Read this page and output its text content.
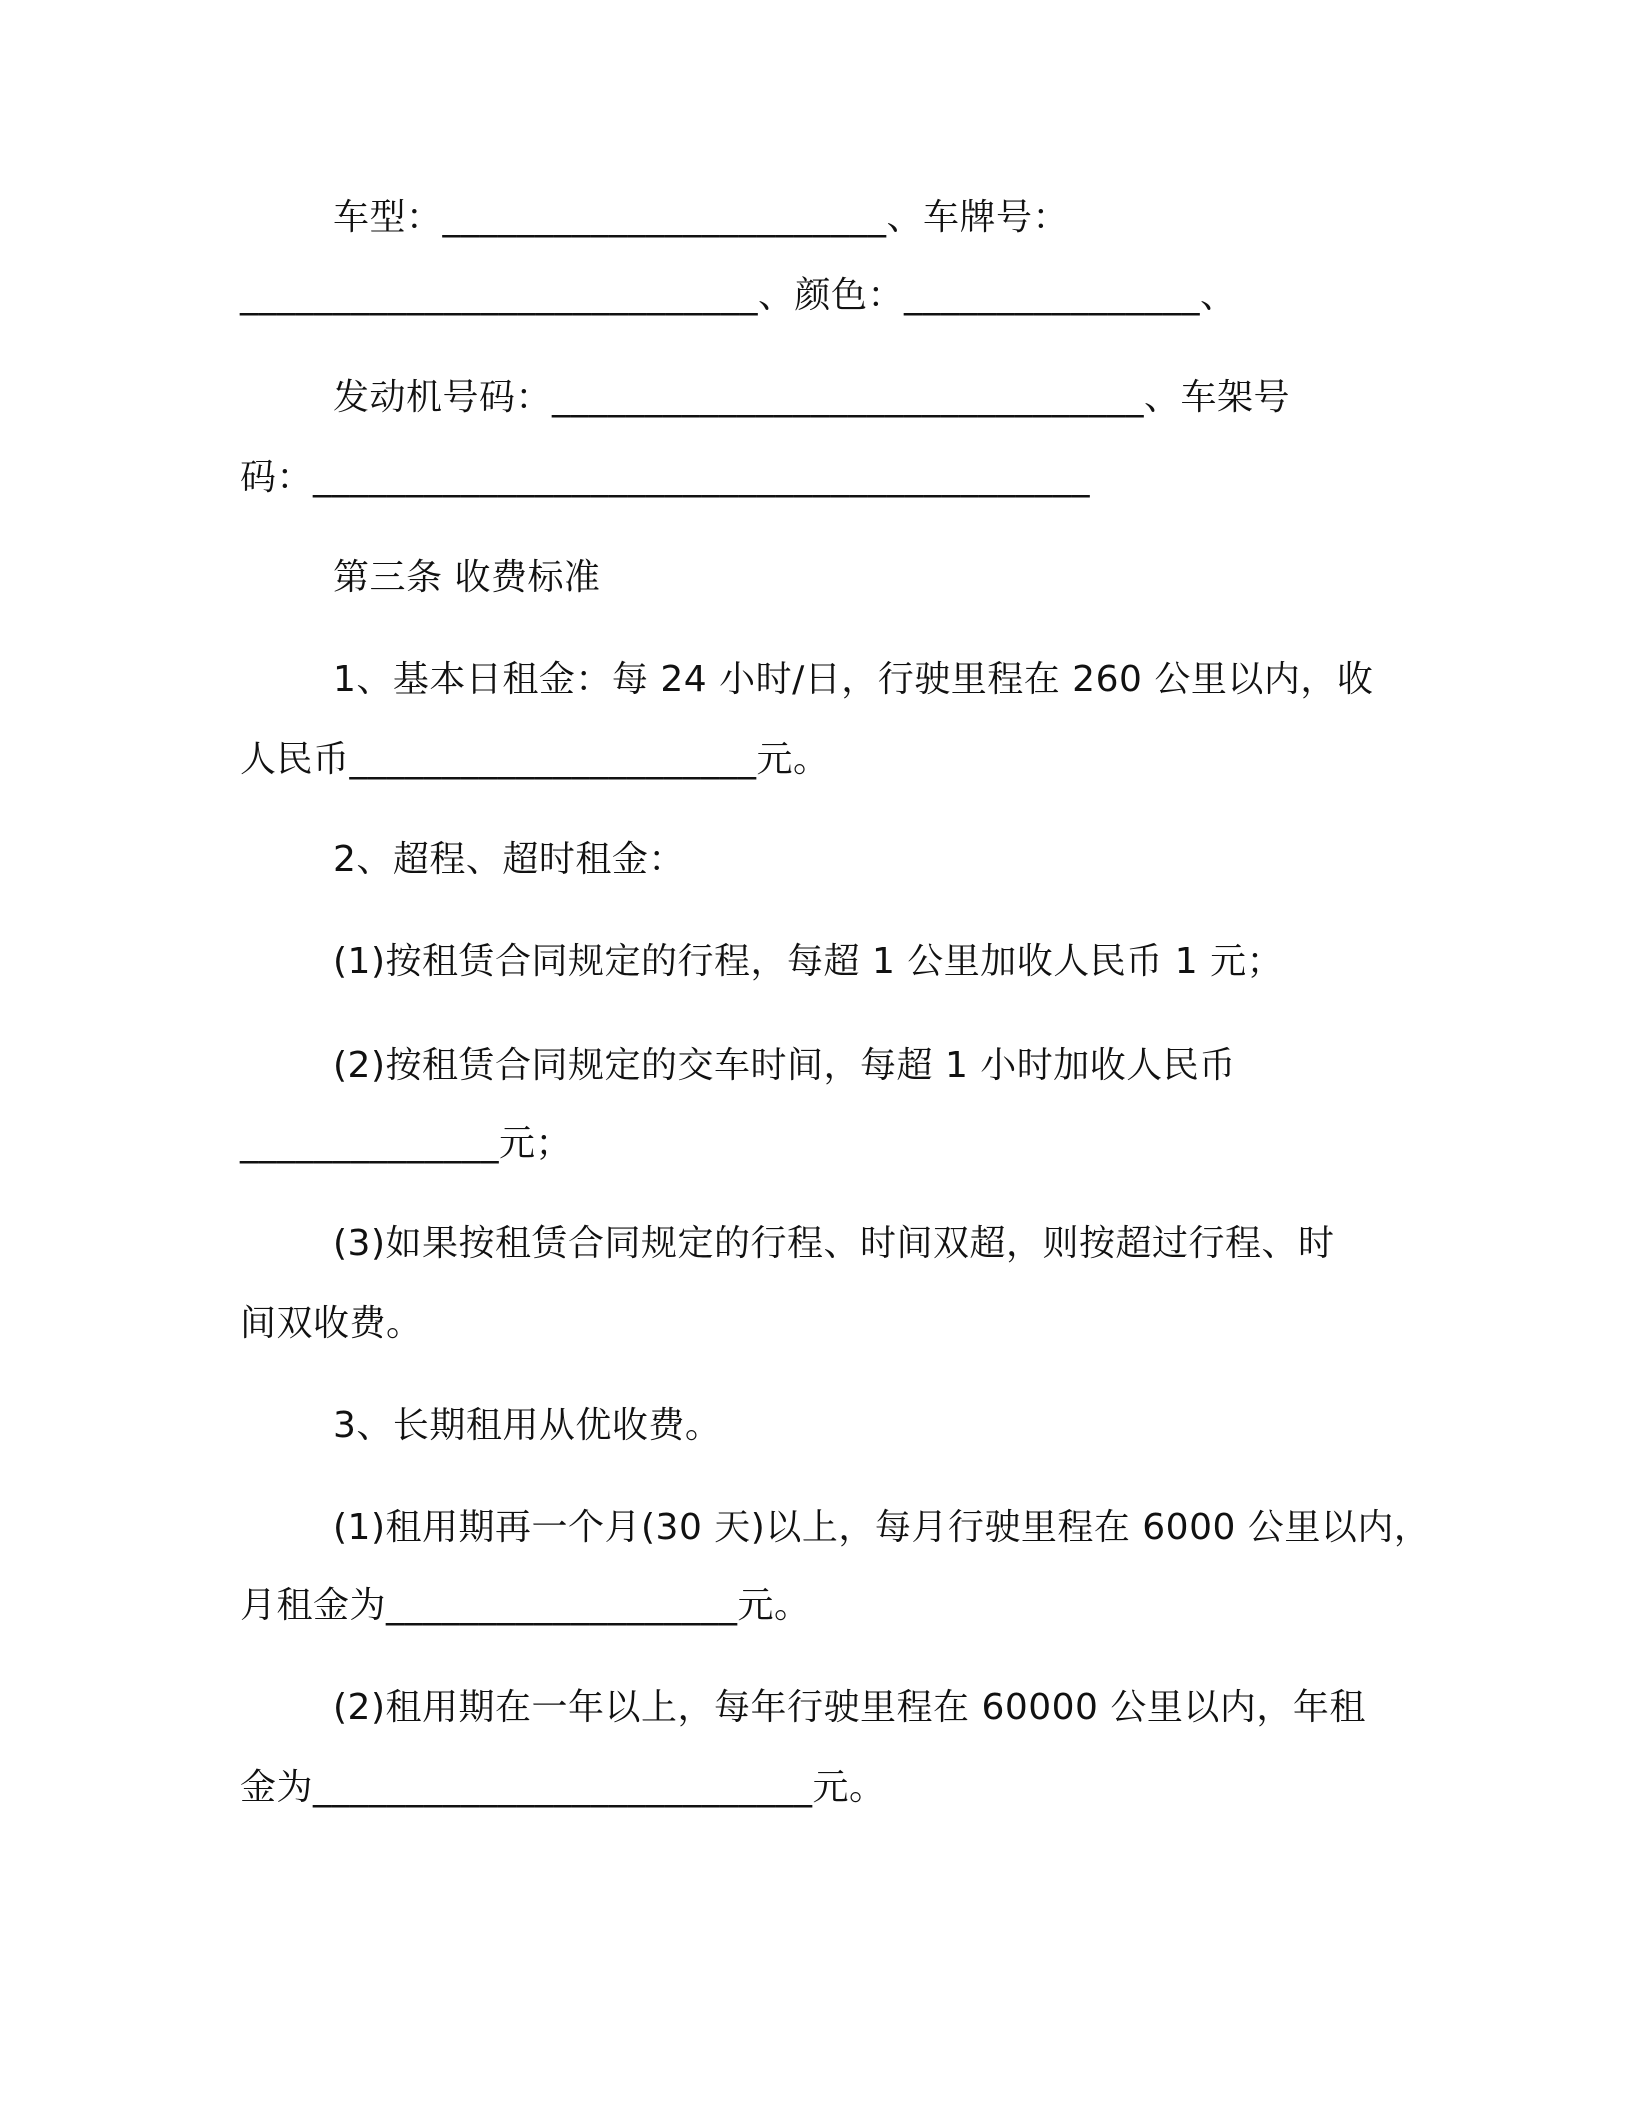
车型：________________________、车牌号：
____________________________、颜色：________________、
发动机号码：________________________________、车架号
码：__________________________________________
第三条 收费标准
1、基本日租金：每 24 小时/日，行驶里程在 260 公里以内，收
人民币______________________元。
2、超程、超时租金：
(1)按租赁合同规定的行程，每超 1 公里加收人民币 1 元；
(2)按租赁合同规定的交车时间，每超 1 小时加收人民币
______________元；
(3)如果按租赁合同规定的行程、时间双超，则按超过行程、时
间双收费。
3、长期租用从优收费。
(1)租用期再一个月(30 天)以上，每月行驶里程在 6000 公里以内，
月租金为___________________元。
(2)租用期在一年以上，每年行驶里程在 60000 公里以内，年租
金为___________________________元。
